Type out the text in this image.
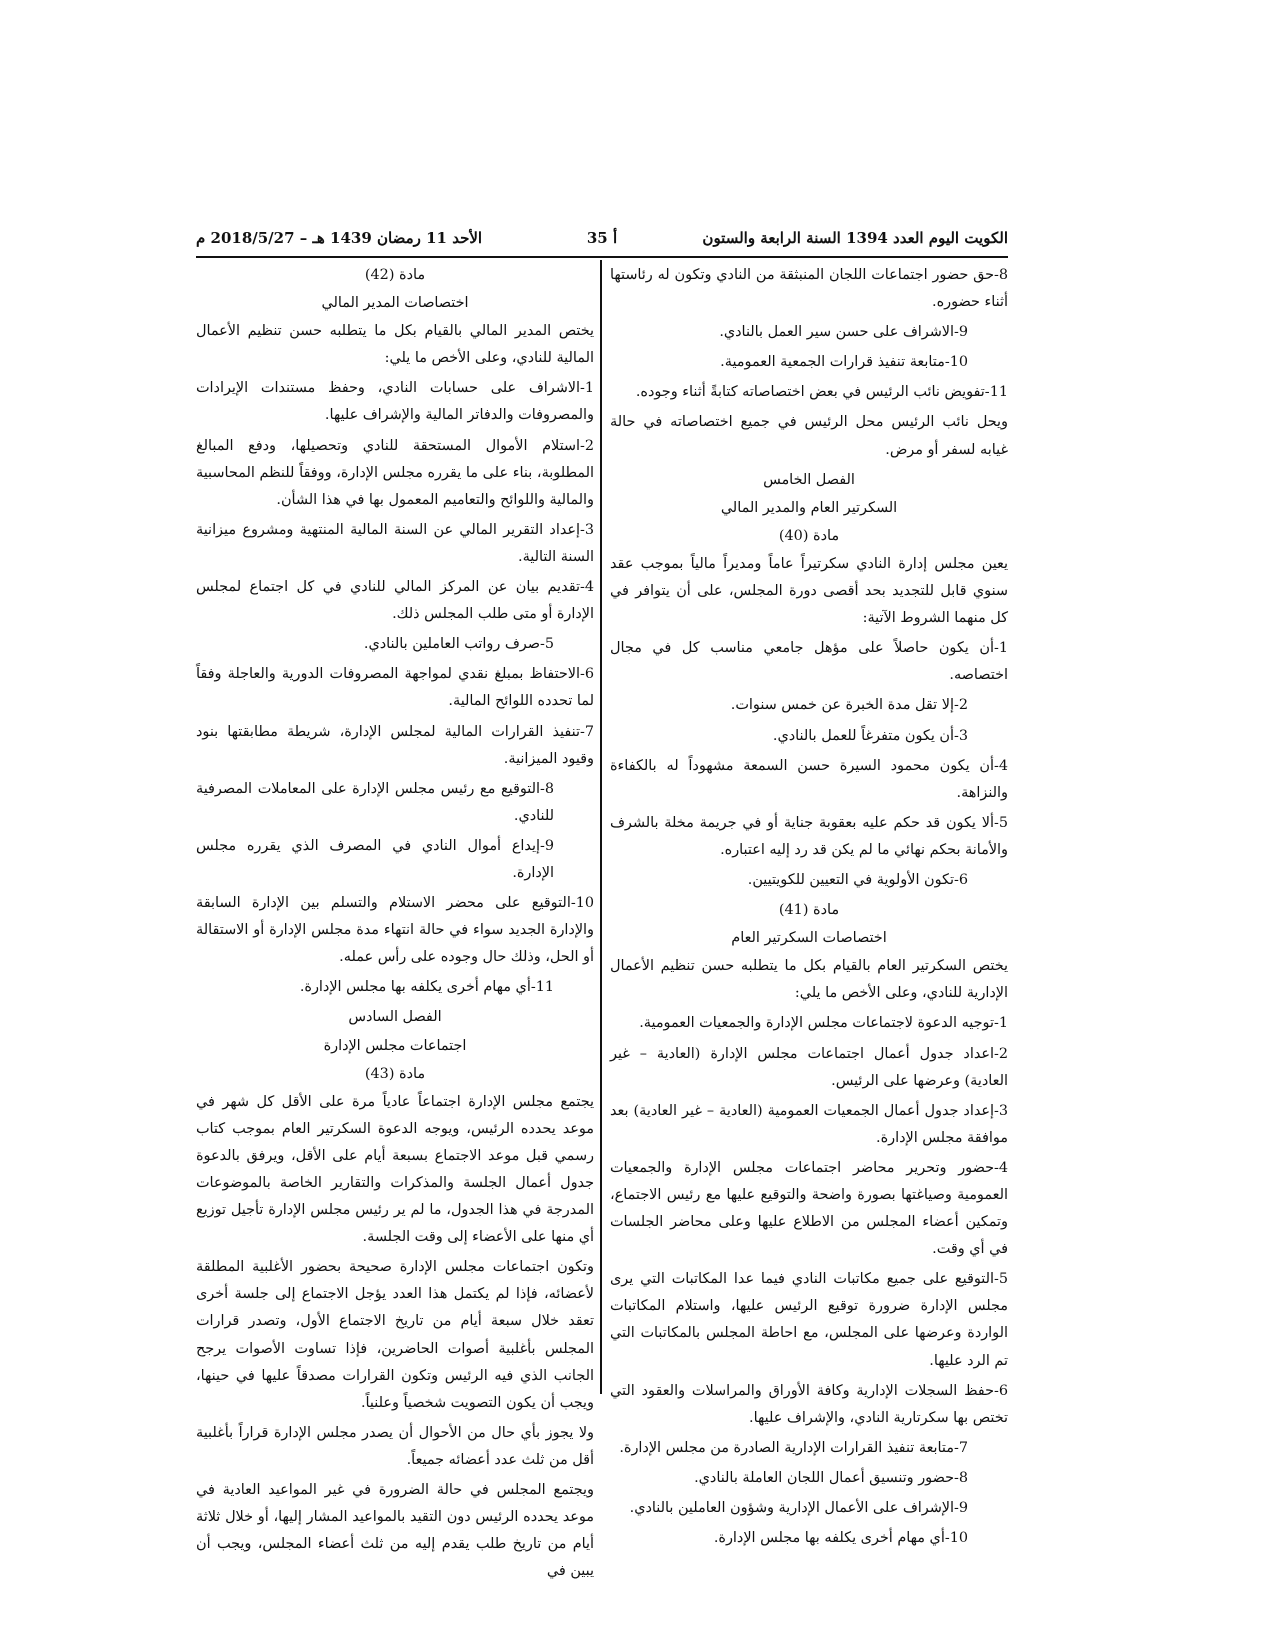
الكويت اليوم العدد 1394 السنة الرابعة والستون
أ 35
الأحد 11 رمضان 1439 هـ – 2018/5/27 م
8-حق حضور اجتماعات اللجان المنبثقة من النادي وتكون له رئاستها أثناء حضوره.
9-الاشراف على حسن سير العمل بالنادي.
10-متابعة تنفيذ قرارات الجمعية العمومية.
11-تفويض نائب الرئيس في بعض اختصاصاته كتابةً أثناء وجوده.
ويحل نائب الرئيس محل الرئيس في جميع اختصاصاته في حالة غيابه لسفر أو مرض.
الفصل الخامس
السكرتير العام والمدير المالي
مادة (40)
يعين مجلس إدارة النادي سكرتيراً عاماً ومديراً مالياً بموجب عقد سنوي قابل للتجديد بحد أقصى دورة المجلس، على أن يتوافر في كل منهما الشروط الآتية:
1-أن يكون حاصلاً على مؤهل جامعي مناسب كل في مجال اختصاصه.
2-إلا تقل مدة الخبرة عن خمس سنوات.
3-أن يكون متفرغاً للعمل بالنادي.
4-أن يكون محمود السيرة حسن السمعة مشهوداً له بالكفاءة والنزاهة.
5-ألا يكون قد حكم عليه بعقوبة جناية أو في جريمة مخلة بالشرف والأمانة بحكم نهائي ما لم يكن قد رد إليه اعتباره.
6-تكون الأولوية في التعيين للكويتيين.
مادة (41)
اختصاصات السكرتير العام
يختص السكرتير العام بالقيام بكل ما يتطلبه حسن تنظيم الأعمال الإدارية للنادي، وعلى الأخص ما يلي:
1-توجيه الدعوة لاجتماعات مجلس الإدارة والجمعيات العمومية.
2-اعداد جدول أعمال اجتماعات مجلس الإدارة (العادية – غير العادية) وعرضها على الرئيس.
3-إعداد جدول أعمال الجمعيات العمومية (العادية – غير العادية) بعد موافقة مجلس الإدارة.
4-حضور وتحرير محاضر اجتماعات مجلس الإدارة والجمعيات العمومية وصياغتها بصورة واضحة والتوقيع عليها مع رئيس الاجتماع، وتمكين أعضاء المجلس من الاطلاع عليها وعلى محاضر الجلسات في أي وقت.
5-التوقيع على جميع مكاتبات النادي فيما عدا المكاتبات التي يرى مجلس الإدارة ضرورة توقيع الرئيس عليها، واستلام المكاتبات الواردة وعرضها على المجلس، مع احاطة المجلس بالمكاتبات التي تم الرد عليها.
6-حفظ السجلات الإدارية وكافة الأوراق والمراسلات والعقود التي تختص بها سكرتارية النادي، والإشراف عليها.
7-متابعة تنفيذ القرارات الإدارية الصادرة من مجلس الإدارة.
8-حضور وتنسيق أعمال اللجان العاملة بالنادي.
9-الإشراف على الأعمال الإدارية وشؤون العاملين بالنادي.
10-أي مهام أخرى يكلفه بها مجلس الإدارة.
مادة (42)
اختصاصات المدير المالي
يختص المدير المالي بالقيام بكل ما يتطلبه حسن تنظيم الأعمال المالية للنادي، وعلى الأخص ما يلي:
1-الاشراف على حسابات النادي، وحفظ مستندات الإيرادات والمصروفات والدفاتر المالية والإشراف عليها.
2-استلام الأموال المستحقة للنادي وتحصيلها، ودفع المبالغ المطلوبة، بناء على ما يقرره مجلس الإدارة، ووفقاً للنظم المحاسبية والمالية واللوائح والتعاميم المعمول بها في هذا الشأن.
3-إعداد التقرير المالي عن السنة المالية المنتهية ومشروع ميزانية السنة التالية.
4-تقديم بيان عن المركز المالي للنادي في كل اجتماع لمجلس الإدارة أو متى طلب المجلس ذلك.
5-صرف رواتب العاملين بالنادي.
6-الاحتفاظ بمبلغ نقدي لمواجهة المصروفات الدورية والعاجلة وفقاً لما تحدده اللوائح المالية.
7-تنفيذ القرارات المالية لمجلس الإدارة، شريطة مطابقتها بنود وقيود الميزانية.
8-التوقيع مع رئيس مجلس الإدارة على المعاملات المصرفية للنادي.
9-إيداع أموال النادي في المصرف الذي يقرره مجلس الإدارة.
10-التوقيع على محضر الاستلام والتسلم بين الإدارة السابقة والإدارة الجديد سواء في حالة انتهاء مدة مجلس الإدارة أو الاستقالة أو الحل، وذلك حال وجوده على رأس عمله.
11-أي مهام أخرى يكلفه بها مجلس الإدارة.
الفصل السادس
اجتماعات مجلس الإدارة
مادة (43)
يجتمع مجلس الإدارة اجتماعاً عادياً مرة على الأقل كل شهر في موعد يحدده الرئيس، ويوجه الدعوة السكرتير العام بموجب كتاب رسمي قبل موعد الاجتماع بسبعة أيام على الأقل، ويرفق بالدعوة جدول أعمال الجلسة والمذكرات والتقارير الخاصة بالموضوعات المدرجة في هذا الجدول، ما لم ير رئيس مجلس الإدارة تأجيل توزيع أي منها على الأعضاء إلى وقت الجلسة.
وتكون اجتماعات مجلس الإدارة صحيحة بحضور الأغلبية المطلقة لأعضائه، فإذا لم يكتمل هذا العدد يؤجل الاجتماع إلى جلسة أخرى تعقد خلال سبعة أيام من تاريخ الاجتماع الأول، وتصدر قرارات المجلس بأغلبية أصوات الحاضرين، فإذا تساوت الأصوات يرجح الجانب الذي فيه الرئيس وتكون القرارات مصدقاً عليها في حينها، ويجب أن يكون التصويت شخصياً وعلنياً.
ولا يجوز بأي حال من الأحوال أن يصدر مجلس الإدارة قراراً بأغلبية أقل من ثلث عدد أعضائه جميعاً.
ويجتمع المجلس في حالة الضرورة في غير المواعيد العادية في موعد يحدده الرئيس دون التقيد بالمواعيد المشار إليها، أو خلال ثلاثة أيام من تاريخ طلب يقدم إليه من ثلث أعضاء المجلس، ويجب أن يبين في
